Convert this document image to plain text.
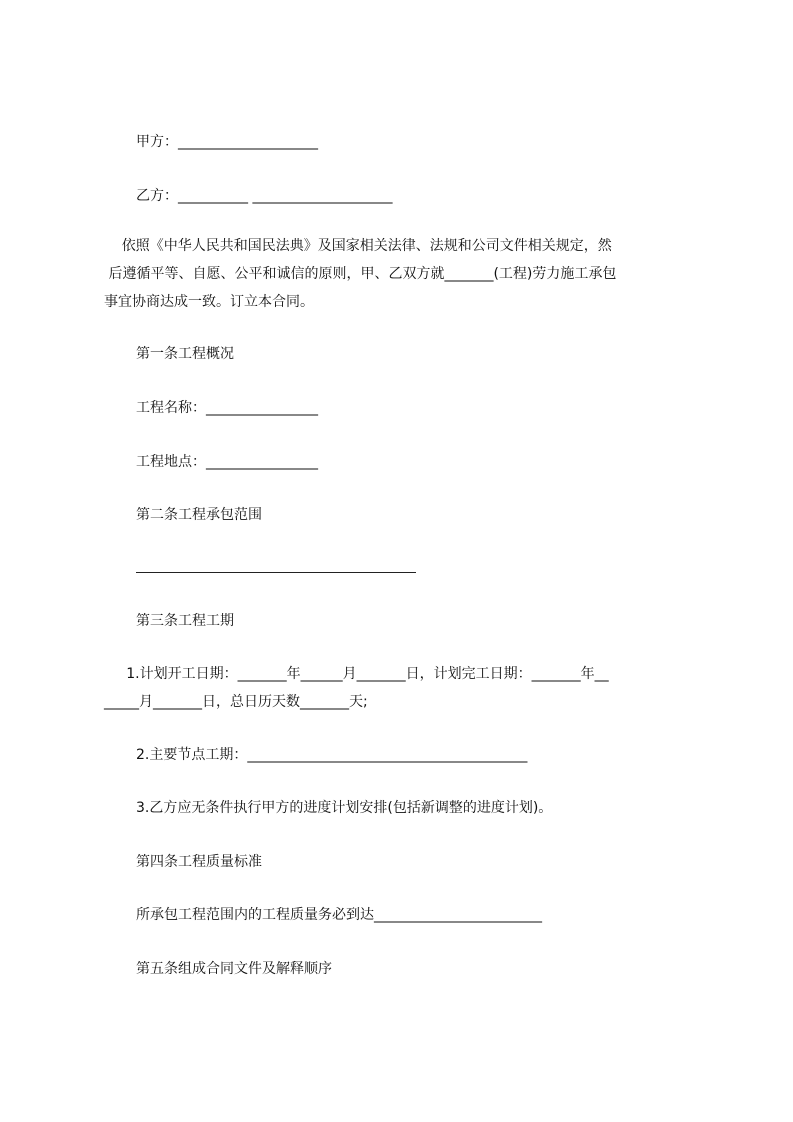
甲方：____________________
乙方：__________ ____________________

依照《中华人民共和国民法典》及国家相关法律、法规和公司文件相关规定，然

后遵循平等、自愿、公平和诚信的原则，甲、乙双方就_______(工程)劳力施工承包

事宜协商达成一致。订立本合同。

第一条工程概况
工程名称：________________
工程地点：________________
第二条工程承包范围
第三条工程工期

1.计划开工日期：_______年______月_______日，计划完工日期：_______年__

_____月_______日，总日历天数_______天;

2.主要节点工期：________________________________________
3.乙方应无条件执行甲方的进度计划安排(包括新调整的进度计划)。
第四条工程质量标准
所承包工程范围内的工程质量务必到达________________________
第五条组成合同文件及解释顺序
